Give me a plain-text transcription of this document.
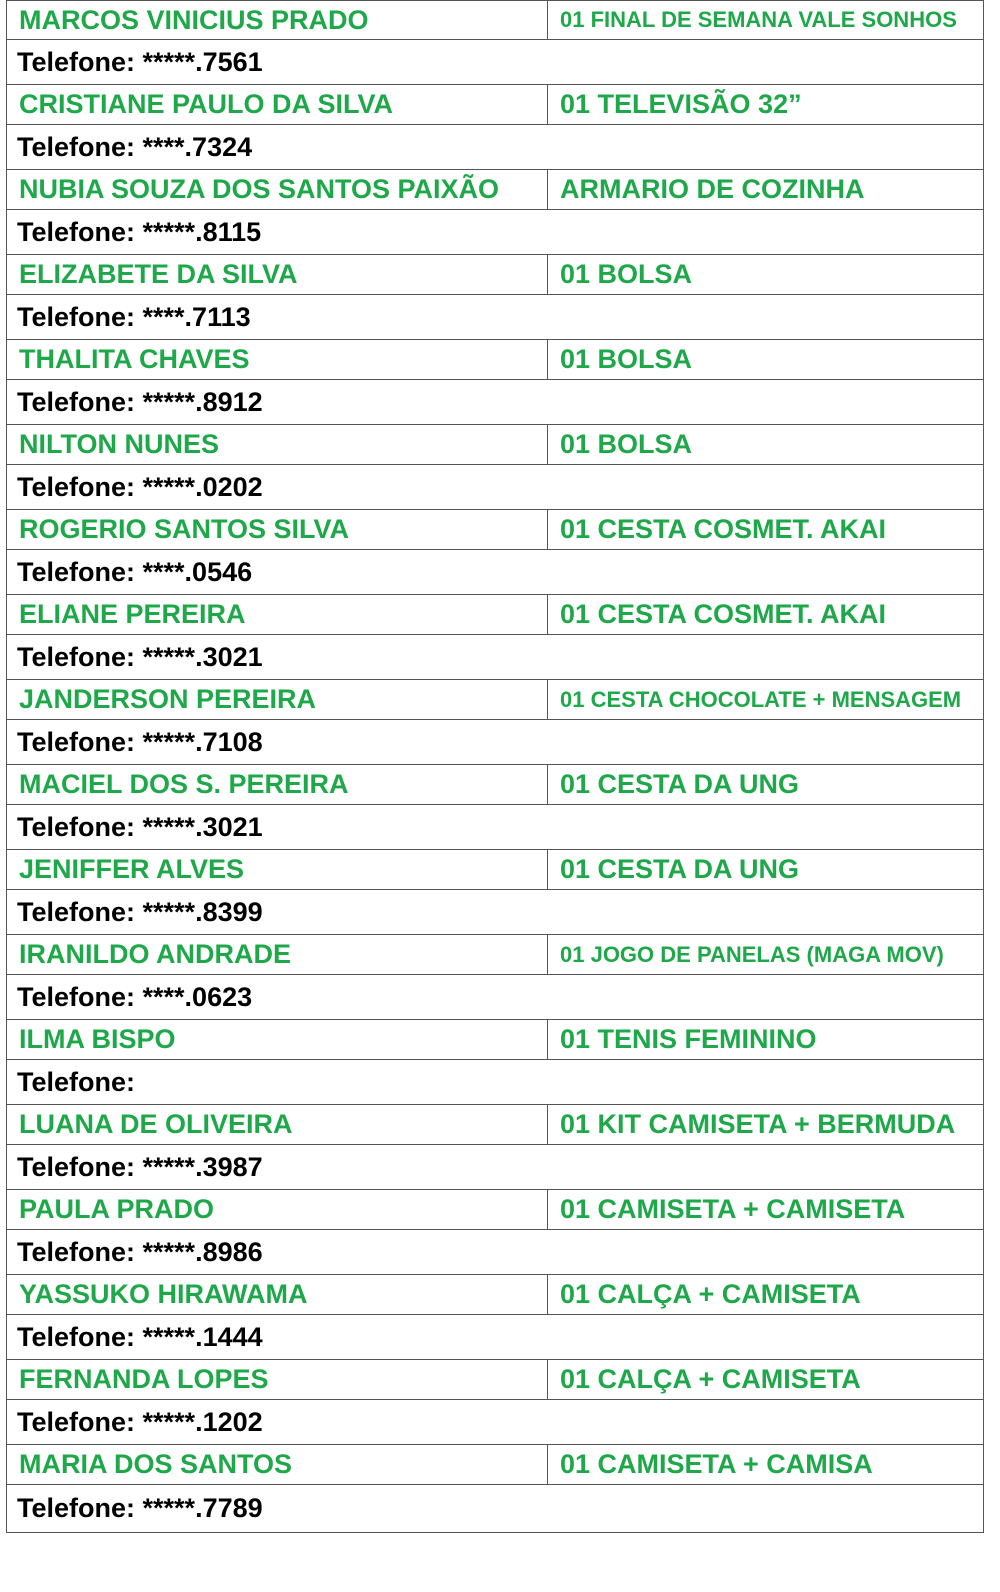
MARCOS VINICIUS PRADO	01 FINAL DE SEMANA VALE SONHOS
Telefone:
*****.7561
CRISTIANE PAULO DA SILVA	01 TELEVISÃO 32”
Telefone:
****.7324
NUBIA SOUZA DOS SANTOS PAIXÃO	ARMARIO DE COZINHA
Telefone:
*****.8115
ELIZABETE DA SILVA	01 BOLSA
Telefone:
****.7113
THALITA CHAVES	01 BOLSA
Telefone:
*****.8912
NILTON NUNES	01 BOLSA
Telefone:
*****.0202
ROGERIO SANTOS SILVA	01 CESTA COSMET. AKAI
Telefone:
****.0546
ELIANE PEREIRA	01 CESTA COSMET. AKAI
Telefone:
*****.3021
JANDERSON PEREIRA	01 CESTA CHOCOLATE + MENSAGEM
Telefone:
*****.7108
MACIEL DOS S. PEREIRA	01 CESTA DA UNG
Telefone:
*****.3021
JENIFFER ALVES	01 CESTA DA UNG
Telefone:
*****.8399
IRANILDO ANDRADE	01 JOGO DE PANELAS (MAGA MOV)
Telefone:
****.0623
ILMA BISPO	01 TENIS FEMININO
Telefone:

LUANA DE OLIVEIRA	01 KIT CAMISETA + BERMUDA
Telefone:
*****.3987
PAULA PRADO	01 CAMISETA + CAMISETA
Telefone:
*****.8986
YASSUKO HIRAWAMA	01 CALÇA + CAMISETA
Telefone:
*****.1444
FERNANDA LOPES	01 CALÇA + CAMISETA
Telefone:
*****.1202
MARIA DOS SANTOS	01 CAMISETA + CAMISA
Telefone:
*****.7789
